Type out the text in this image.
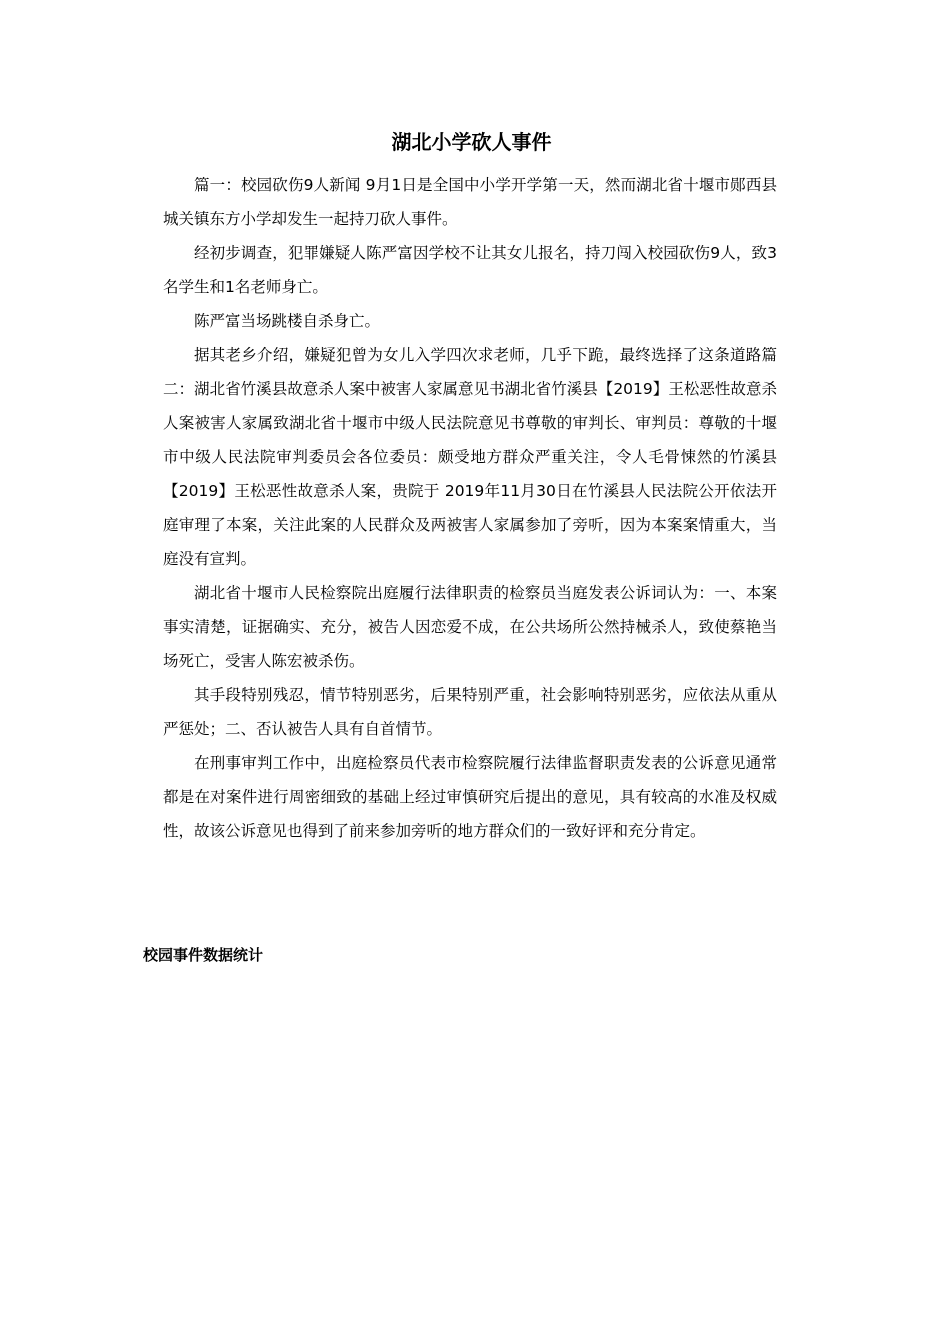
湖北小学砍人事件

篇一：校园砍伤9人新闻 9月1日是全国中小学开学第一天，然而湖北省十堰市郧西县城关镇东方小学却发生一起持刀砍人事件。

经初步调查，犯罪嫌疑人陈严富因学校不让其女儿报名，持刀闯入校园砍伤9人，致3名学生和1名老师身亡。

陈严富当场跳楼自杀身亡。

据其老乡介绍，嫌疑犯曾为女儿入学四次求老师，几乎下跪，最终选择了这条道路篇二：湖北省竹溪县故意杀人案中被害人家属意见书湖北省竹溪县【2019】王松恶性故意杀人案被害人家属致湖北省十堰市中级人民法院意见书尊敬的审判长、审判员：尊敬的十堰市中级人民法院审判委员会各位委员：颇受地方群众严重关注，令人毛骨悚然的竹溪县【2019】王松恶性故意杀人案，贵院于 2019年11月30日在竹溪县人民法院公开依法开庭审理了本案，关注此案的人民群众及两被害人家属参加了旁听，因为本案案情重大，当庭没有宣判。

湖北省十堰市人民检察院出庭履行法律职责的检察员当庭发表公诉词认为：一、本案事实清楚，证据确实、充分，被告人因恋爱不成，在公共场所公然持械杀人，致使蔡艳当场死亡，受害人陈宏被杀伤。

其手段特别残忍，情节特别恶劣，后果特别严重，社会影响特别恶劣，应依法从重从严惩处；二、否认被告人具有自首情节。

在刑事审判工作中，出庭检察员代表市检察院履行法律监督职责发表的公诉意见通常都是在对案件进行周密细致的基础上经过审慎研究后提出的意见，具有较高的水准及权威性，故该公诉意见也得到了前来参加旁听的地方群众们的一致好评和充分肯定。

校园事件数据统计
